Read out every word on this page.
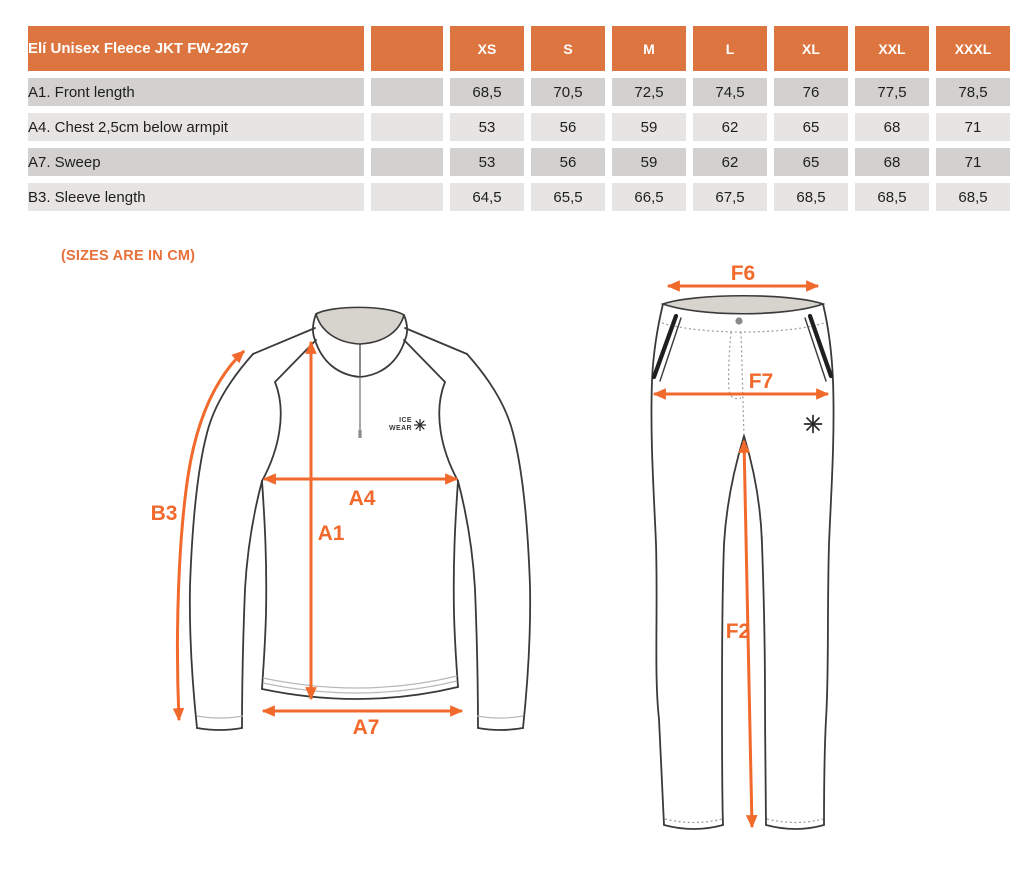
Elí Unisex Fleece JKT FW-2267		XS	S	M	L	XL	XXL	XXXL
A1. Front length		68,5	70,5	72,5	74,5	76	77,5	78,5
A4. Chest 2,5cm below armpit		53	56	59	62	65	68	71
A7. Sweep		53	56	59	62	65	68	71
B3. Sleeve length		64,5	65,5	66,5	67,5	68,5	68,5	68,5
(SIZES ARE IN CM)
ICE
WEAR
B3
A4
A1
A7
F6
F7
F2
